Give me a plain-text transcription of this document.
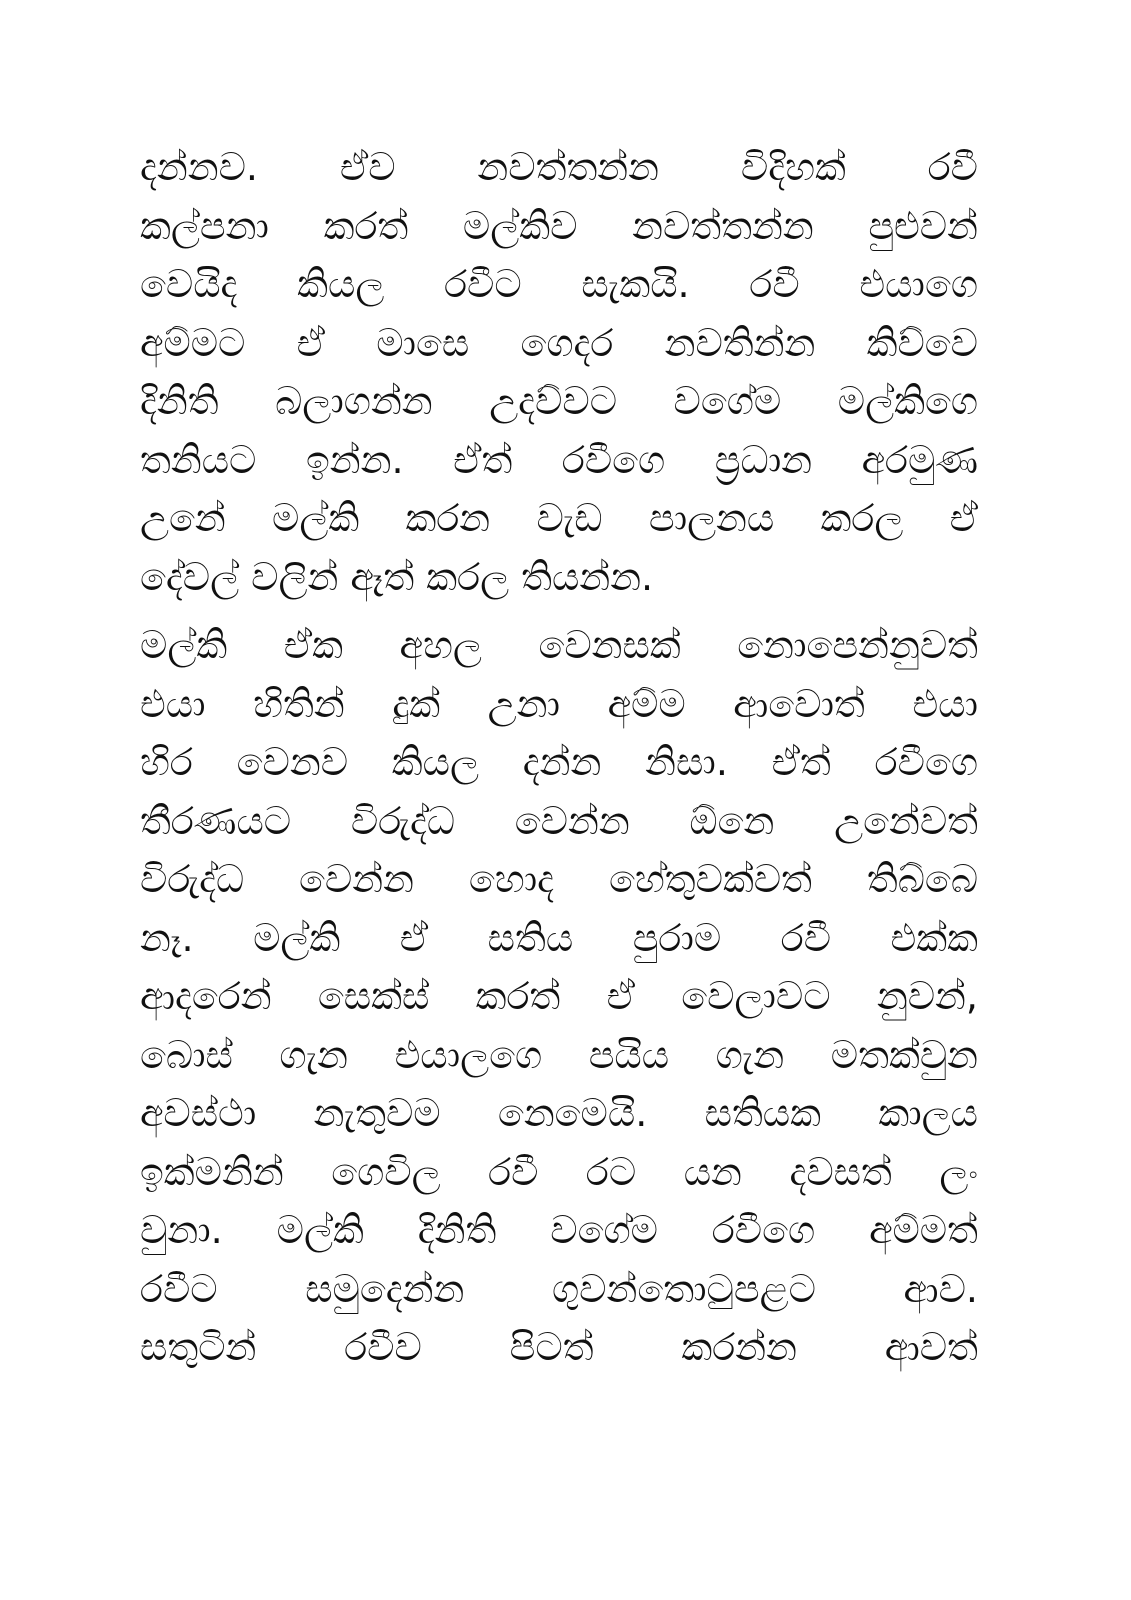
දන්නව. ඒව නවත්තන්න විදිහක් රවී
කල්පනා කරත් මල්කිව නවත්තන්න පුළුවන්
වෙයිද කියල රවීට සැකයි. රවී එයාගෙ
අම්මට ඒ මාසෙ ගෙදර නවතින්න කිව්වෙ
දිනිති බලාගන්න උදව්වට වගේම මල්කිගෙ
තනියට ඉන්න. ඒත් රවීගෙ ප්‍රධාන අරමුණ
උනේ මල්කි කරන වැඩ පාලනය කරල ඒ
දේවල් වලින් ඈත් කරල තියන්න.
මල්කි ඒක අහල වෙනසක් නොපෙන්නුවත්
එයා හිතින් දුක් උනා අම්ම ආවොත් එයා
හිර වෙනව කියල දන්න නිසා. ඒත් රවීගෙ
තීරණයට විරුද්ධ වෙන්න ඕනෙ උනේවත්
විරුද්ධ වෙන්න හොද හේතුවක්වත් තිබ්බෙ
නෑ. මල්කි ඒ සතිය පුරාම රවී එක්ක
ආදරෙන් සෙක්ස් කරත් ඒ වෙලාවට නුවන්,
බොස් ගැන එයාලගෙ පයිය ගැන මතක්වුන
අවස්ථා නැතුවම නෙමෙයි. සතියක කාලය
ඉක්මනින් ගෙවිල රවී රට යන දවසත් ලං
වුනා. මල්කි දිනිති වගේම රවීගෙ අම්මත්
රවීට සමුදෙන්න ගුවන්තොටුපළට ආව.
සතුටින් රවීව පිටත් කරන්න ආවත්
